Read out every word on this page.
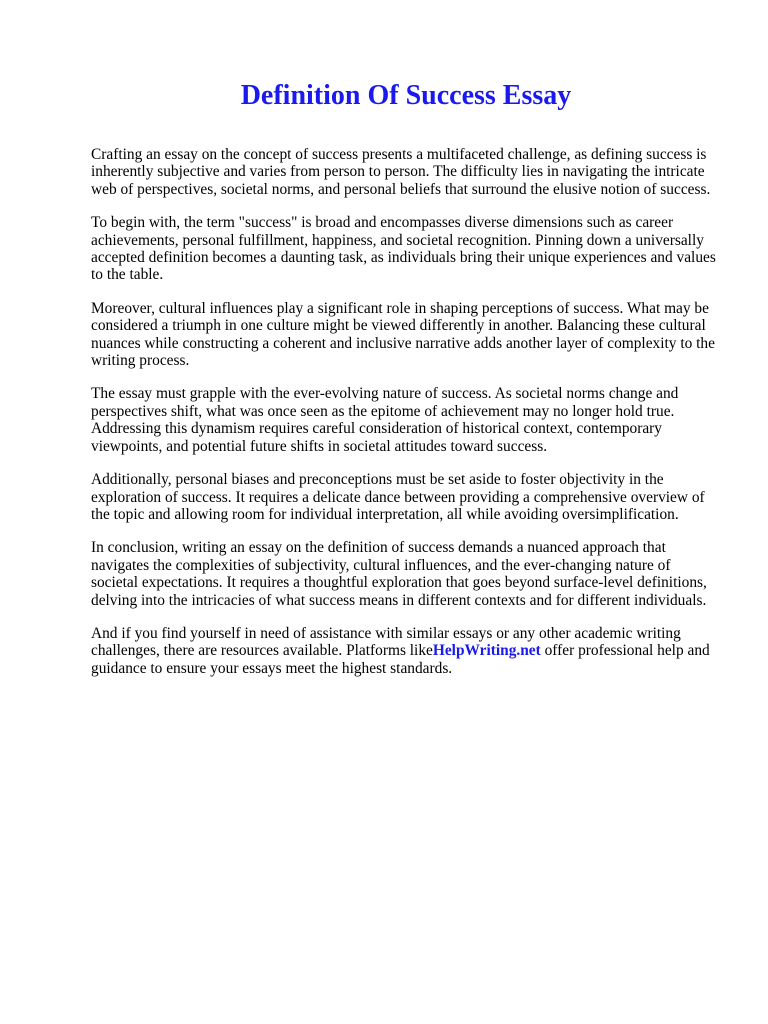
Definition Of Success Essay

Crafting an essay on the concept of success presents a multifaceted challenge, as defining success is inherently subjective and varies from person to person. The difficulty lies in navigating the intricate web of perspectives, societal norms, and personal beliefs that surround the elusive notion of success.

To begin with, the term "success" is broad and encompasses diverse dimensions such as career achievements, personal fulfillment, happiness, and societal recognition. Pinning down a universally accepted definition becomes a daunting task, as individuals bring their unique experiences and values to the table.

Moreover, cultural influences play a significant role in shaping perceptions of success. What may be considered a triumph in one culture might be viewed differently in another. Balancing these cultural nuances while constructing a coherent and inclusive narrative adds another layer of complexity to the writing process.

The essay must grapple with the ever-evolving nature of success. As societal norms change and perspectives shift, what was once seen as the epitome of achievement may no longer hold true. Addressing this dynamism requires careful consideration of historical context, contemporary viewpoints, and potential future shifts in societal attitudes toward success.

Additionally, personal biases and preconceptions must be set aside to foster objectivity in the exploration of success. It requires a delicate dance between providing a comprehensive overview of the topic and allowing room for individual interpretation, all while avoiding oversimplification.

In conclusion, writing an essay on the definition of success demands a nuanced approach that navigates the complexities of subjectivity, cultural influences, and the ever-changing nature of societal expectations. It requires a thoughtful exploration that goes beyond surface-level definitions, delving into the intricacies of what success means in different contexts and for different individuals.

And if you find yourself in need of assistance with similar essays or any other academic writing challenges, there are resources available. Platforms likeHelpWriting.net offer professional help and guidance to ensure your essays meet the highest standards.
